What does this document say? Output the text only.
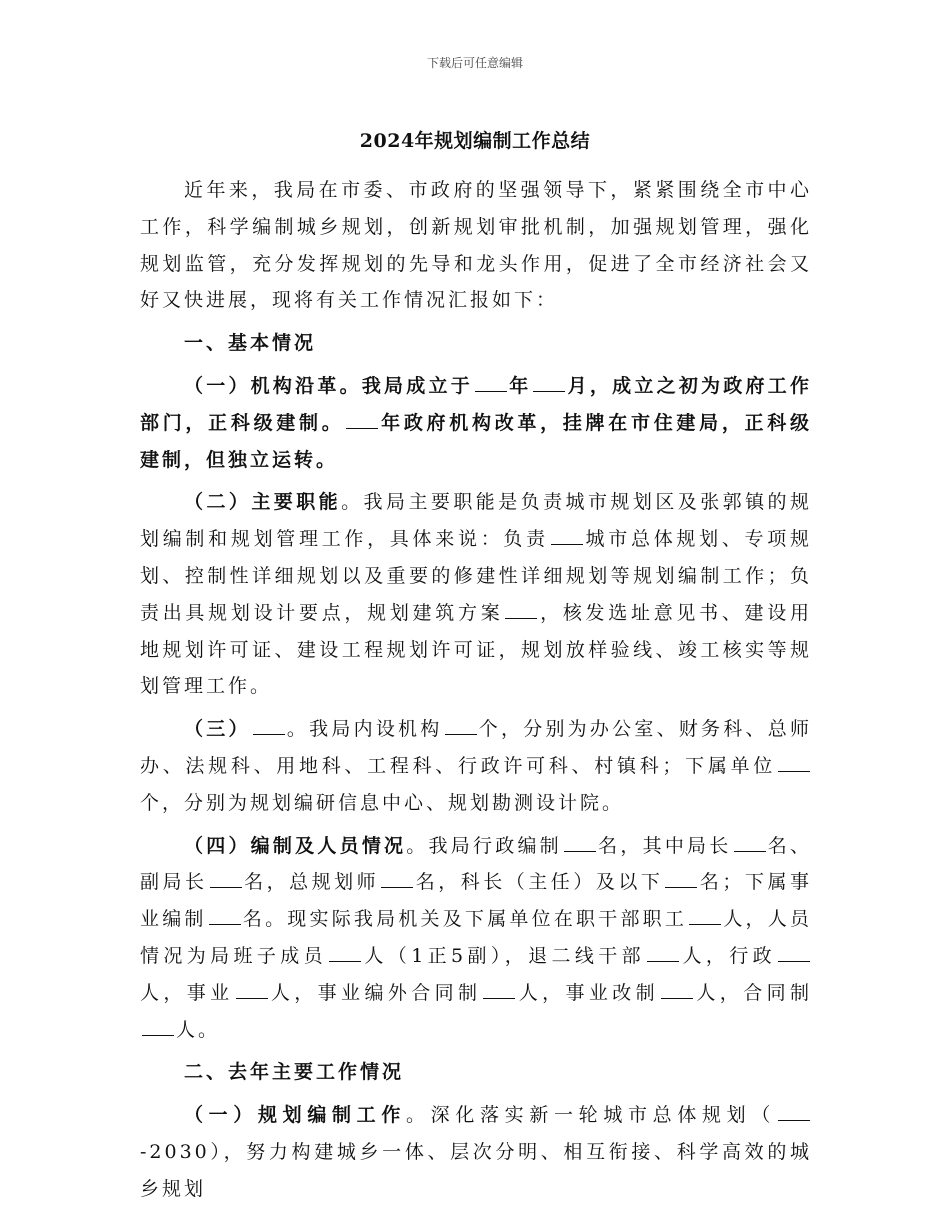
下载后可任意编辑
2024年规划编制工作总结

近年来，我局在市委、市政府的坚强领导下，紧紧围绕全市中心工作，科学编制城乡规划，创新规划审批机制，加强规划管理，强化规划监管，充分发挥规划的先导和龙头作用，促进了全市经济社会又好又快进展，现将有关工作情况汇报如下：

一、基本情况

（一）机构沿革。我局成立于 年 月，成立之初为政府工作部门，正科级建制。 年政府机构改革，挂牌在市住建局，正科级建制，但独立运转。

（二）主要职能。我局主要职能是负责城市规划区及张郭镇的规划编制和规划管理工作，具体来说：负责 城市总体规划、专项规划、控制性详细规划以及重要的修建性详细规划等规划编制工作；负责出具规划设计要点，规划建筑方案 ，核发选址意见书、建设用地规划许可证、建设工程规划许可证，规划放样验线、竣工核实等规划管理工作。

（三） 。我局内设机构 个，分别为办公室、财务科、总师办、法规科、用地科、工程科、行政许可科、村镇科；下属单位个，分别为规划编研信息中心、规划勘测设计院。

（四）编制及人员情况。我局行政编制 名，其中局长 名、副局长 名，总规划师 名，科长（主任）及以下 名；下属事业编制 名。现实际我局机关及下属单位在职干部职工 人，人员情况为局班子成员 人（1正5副），退二线干部 人，行政人，事业 人，事业编外合同制 人，事业改制 人，合同制人。

二、去年主要工作情况

（一）规划编制工作。深化落实新一轮城市总体规划（-2030），努力构建城乡一体、层次分明、相互衔接、科学高效的城乡规划
